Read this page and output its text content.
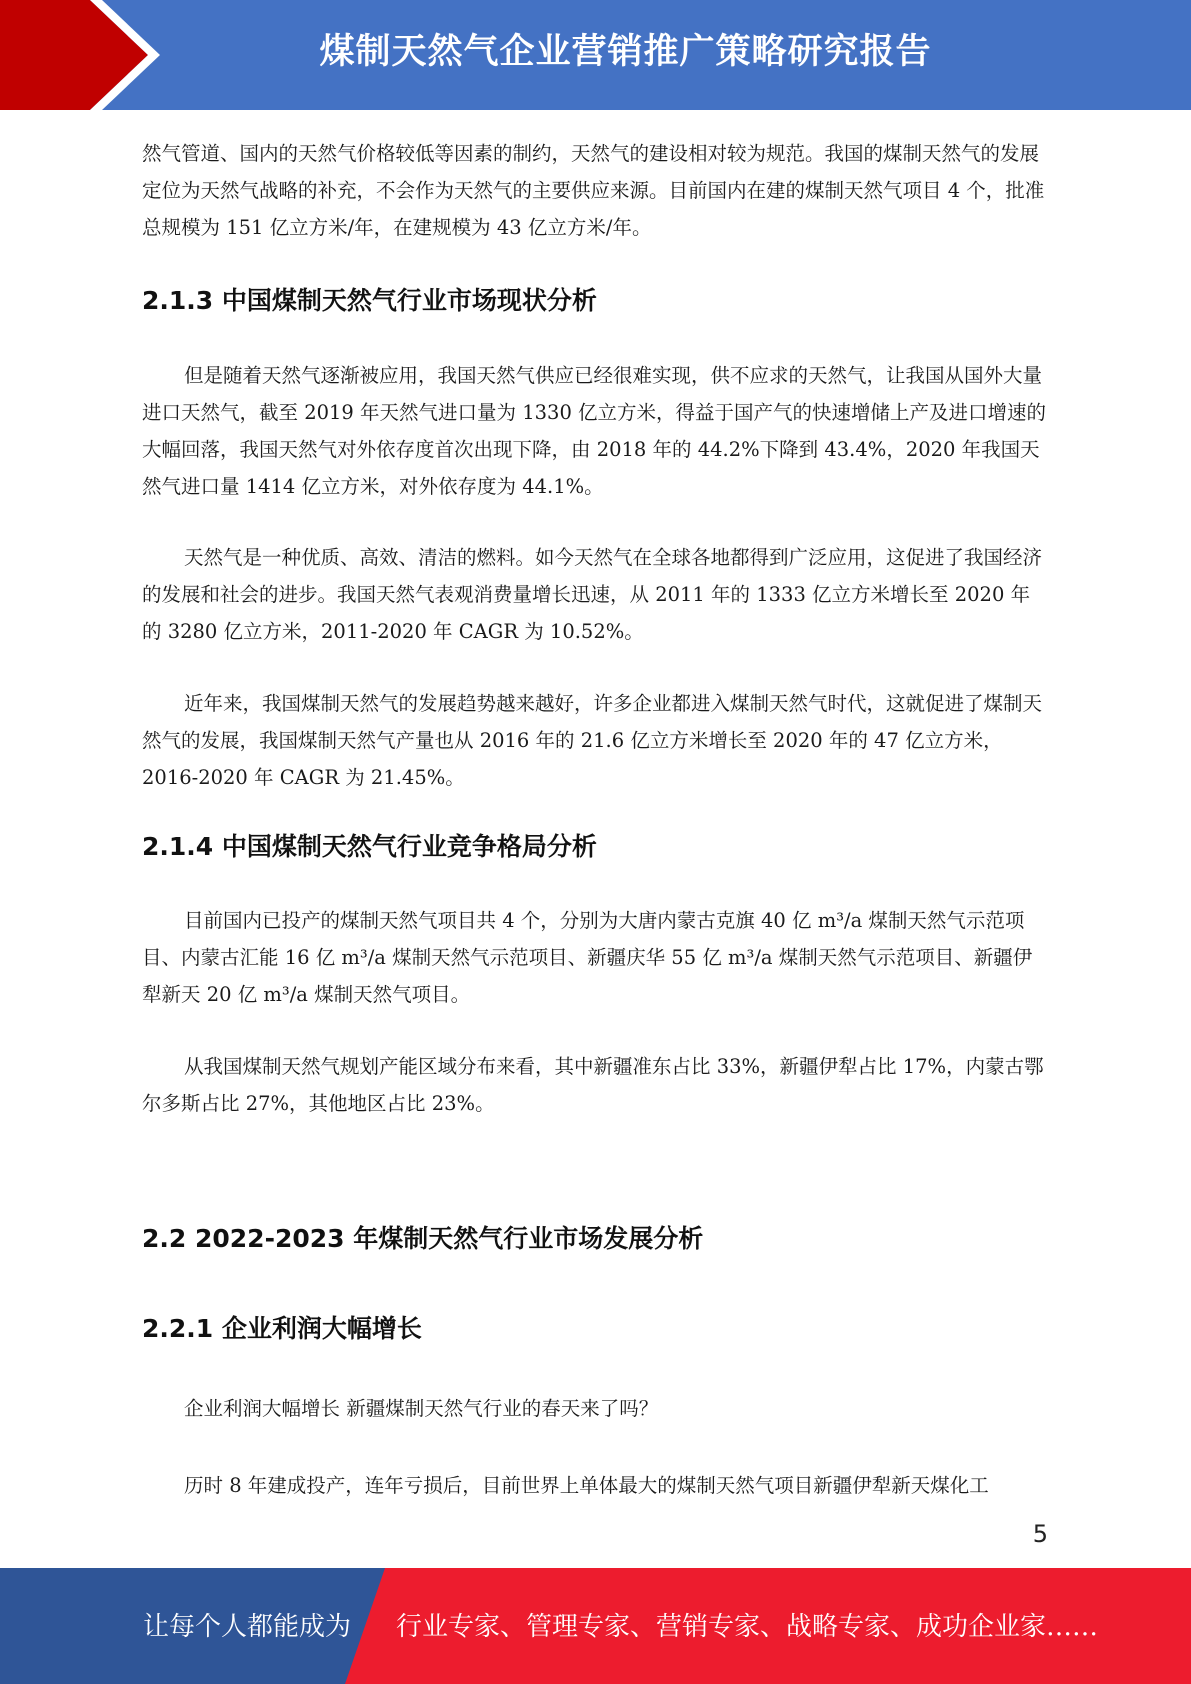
煤制天然气企业营销推广策略研究报告

然气管道、国内的天然气价格较低等因素的制约，天然气的建设相对较为规范。我国的煤制天然气的发展定位为天然气战略的补充，不会作为天然气的主要供应来源。目前国内在建的煤制天然气项目 4 个，批准总规模为 151 亿立方米/年，在建规模为 43 亿立方米/年。

2.1.3 中国煤制天然气行业市场现状分析

但是随着天然气逐渐被应用，我国天然气供应已经很难实现，供不应求的天然气，让我国从国外大量进口天然气，截至 2019 年天然气进口量为 1330 亿立方米，得益于国产气的快速增储上产及进口增速的大幅回落，我国天然气对外依存度首次出现下降，由 2018 年的 44.2%下降到 43.4%，2020 年我国天然气进口量 1414 亿立方米，对外依存度为 44.1%。

天然气是一种优质、高效、清洁的燃料。如今天然气在全球各地都得到广泛应用，这促进了我国经济的发展和社会的进步。我国天然气表观消费量增长迅速，从 2011 年的 1333 亿立方米增长至 2020 年的 3280 亿立方米，2011-2020 年 CAGR 为 10.52%。

近年来，我国煤制天然气的发展趋势越来越好，许多企业都进入煤制天然气时代，这就促进了煤制天然气的发展，我国煤制天然气产量也从 2016 年的 21.6 亿立方米增长至 2020 年的 47 亿立方米，2016-2020 年 CAGR 为 21.45%。

2.1.4 中国煤制天然气行业竞争格局分析

目前国内已投产的煤制天然气项目共 4 个，分别为大唐内蒙古克旗 40 亿 m³/a 煤制天然气示范项目、内蒙古汇能 16 亿 m³/a 煤制天然气示范项目、新疆庆华 55 亿 m³/a 煤制天然气示范项目、新疆伊犁新天 20 亿 m³/a 煤制天然气项目。

从我国煤制天然气规划产能区域分布来看，其中新疆准东占比 33%，新疆伊犁占比 17%，内蒙古鄂尔多斯占比 27%，其他地区占比 23%。

2.2 2022-2023 年煤制天然气行业市场发展分析
2.2.1 企业利润大幅增长

企业利润大幅增长 新疆煤制天然气行业的春天来了吗？

历时 8 年建成投产，连年亏损后，目前世界上单体最大的煤制天然气项目新疆伊犁新天煤化工

5
让每个人都能成为 行业专家、管理专家、营销专家、战略专家、成功企业家……
